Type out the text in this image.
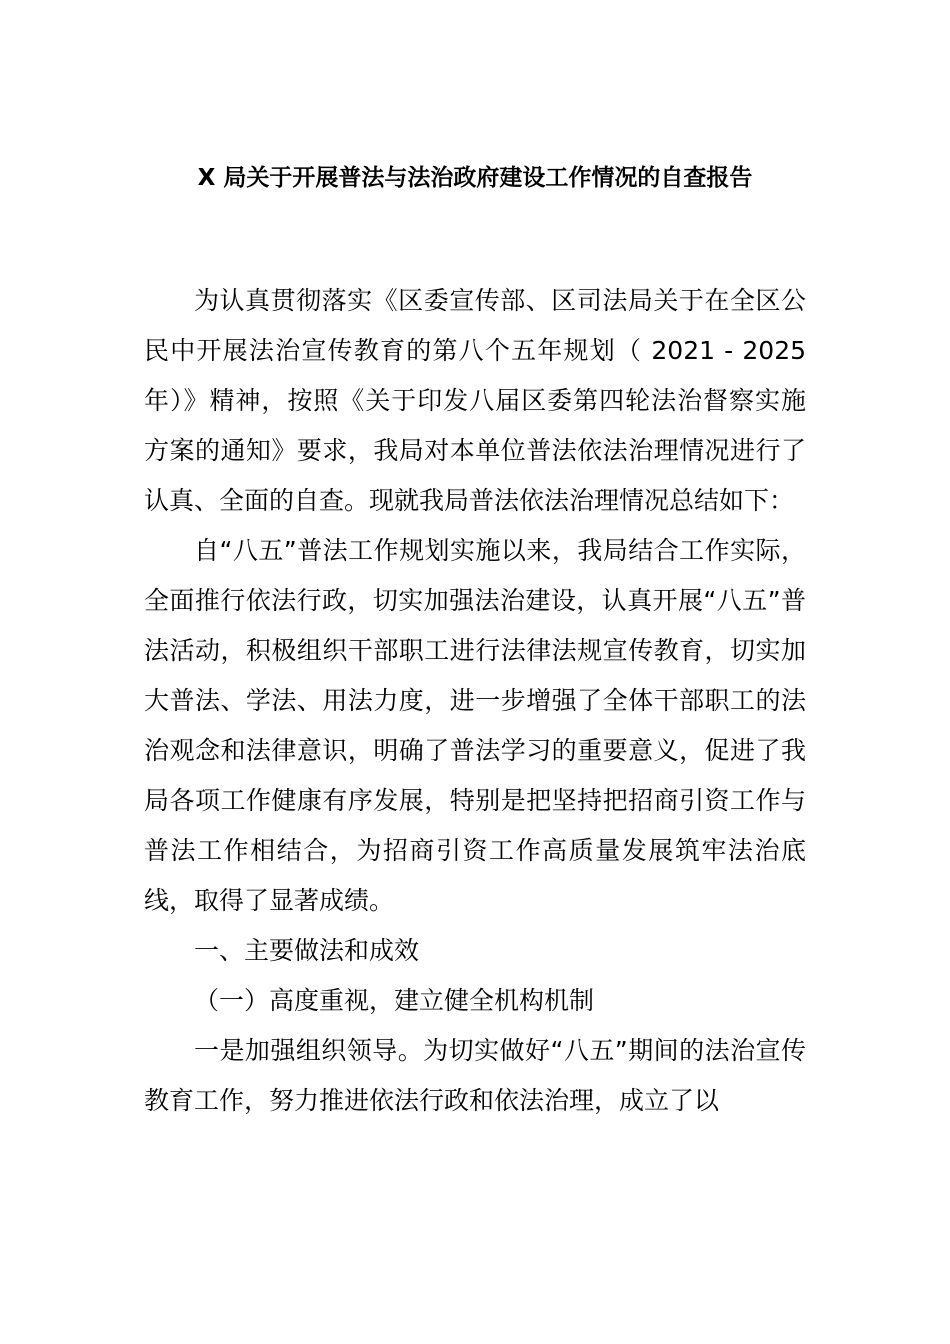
X 局关于开展普法与法治政府建设工作情况的自查报告

为认真贯彻落实《区委宣传部、区司法局关于在全区公民中开展法治宣传教育的第八个五年规划（ 2021 - 2025 年）》精神，按照《关于印发八届区委第四轮法治督察实施方案的通知》要求，我局对本单位普法依法治理情况进行了认真、全面的自查。现就我局普法依法治理情况总结如下：

自“八五”普法工作规划实施以来，我局结合工作实际，全面推行依法行政，切实加强法治建设，认真开展“八五”普法活动，积极组织干部职工进行法律法规宣传教育，切实加大普法、学法、用法力度，进一步增强了全体干部职工的法治观念和法律意识，明确了普法学习的重要意义，促进了我局各项工作健康有序发展，特别是把坚持把招商引资工作与普法工作相结合，为招商引资工作高质量发展筑牢法治底线，取得了显著成绩。

一、主要做法和成效

（一）高度重视，建立健全机构机制

一是加强组织领导。为切实做好“八五”期间的法治宣传教育工作，努力推进依法行政和依法治理，成立了以
